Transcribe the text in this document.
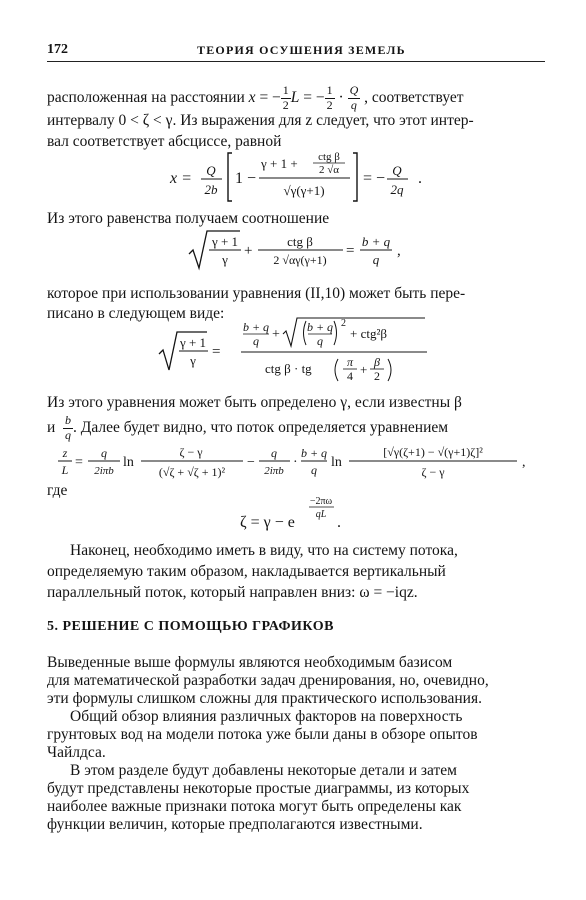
172	ТЕОРИЯ ОСУШЕНИЯ ЗЕМЕЛЬ
расположенная на расстоянии x = − $\frac{1}{2}$ L = − $\frac{1}{2} \cdot \frac{Q}{q}$ , соответствует
интервалу 0 < ζ < γ. Из выражения для z следует, что этот интер-
вал соответствует абсциссе, равной
x = Q
2b
1 −
γ + 1 + ctg β
2 √α
√γ(γ+1)
= − Q
2q
.
Из этого равенства получаем соотношение
γ + 1
γ
+
ctg β
2 √αγ(γ+1)
=
b + q
q
,
которое при использовании уравнения (II,10) может быть пере-
писано в следующем виде:
γ + 1
γ
=
b + q
q + b + q
q
2
+ ctg²β
ctg β · tg	π
4 + β
2
Из этого уравнения может быть определено γ, если известны β
и $\frac{b}{q}$ . Далее будет видно, что поток определяется уравнением
z
L =
q
2iπb
ln
ζ − γ
(√ζ + √ζ + 1)²
−
q
2iπb
·
b + q
q ln
[√γ(ζ+1) − √(γ+1)ζ]²
ζ − γ
,
где
ζ = γ − e
−2πω
qL .
Наконец, необходимо иметь в виду, что на систему потока,
определяемую таким образом, накладывается вертикальный
параллельный поток, который направлен вниз: ω = −iqz.
5. РЕШЕНИЕ С ПОМОЩЬЮ ГРАФИКОВ
Выведенные выше формулы являются необходимым базисом
для математической разработки задач дренирования, но, очевидно,
эти формулы слишком сложны для практического использования.
Общий обзор влияния различных факторов на поверхность
грунтовых вод на модели потока уже были даны в обзоре опытов
Чайлдса.
В этом разделе будут добавлены некоторые детали и затем
будут представлены некоторые простые диаграммы, из которых
наиболее важные признаки потока могут быть определены как
функции величин, которые предполагаются известными.
